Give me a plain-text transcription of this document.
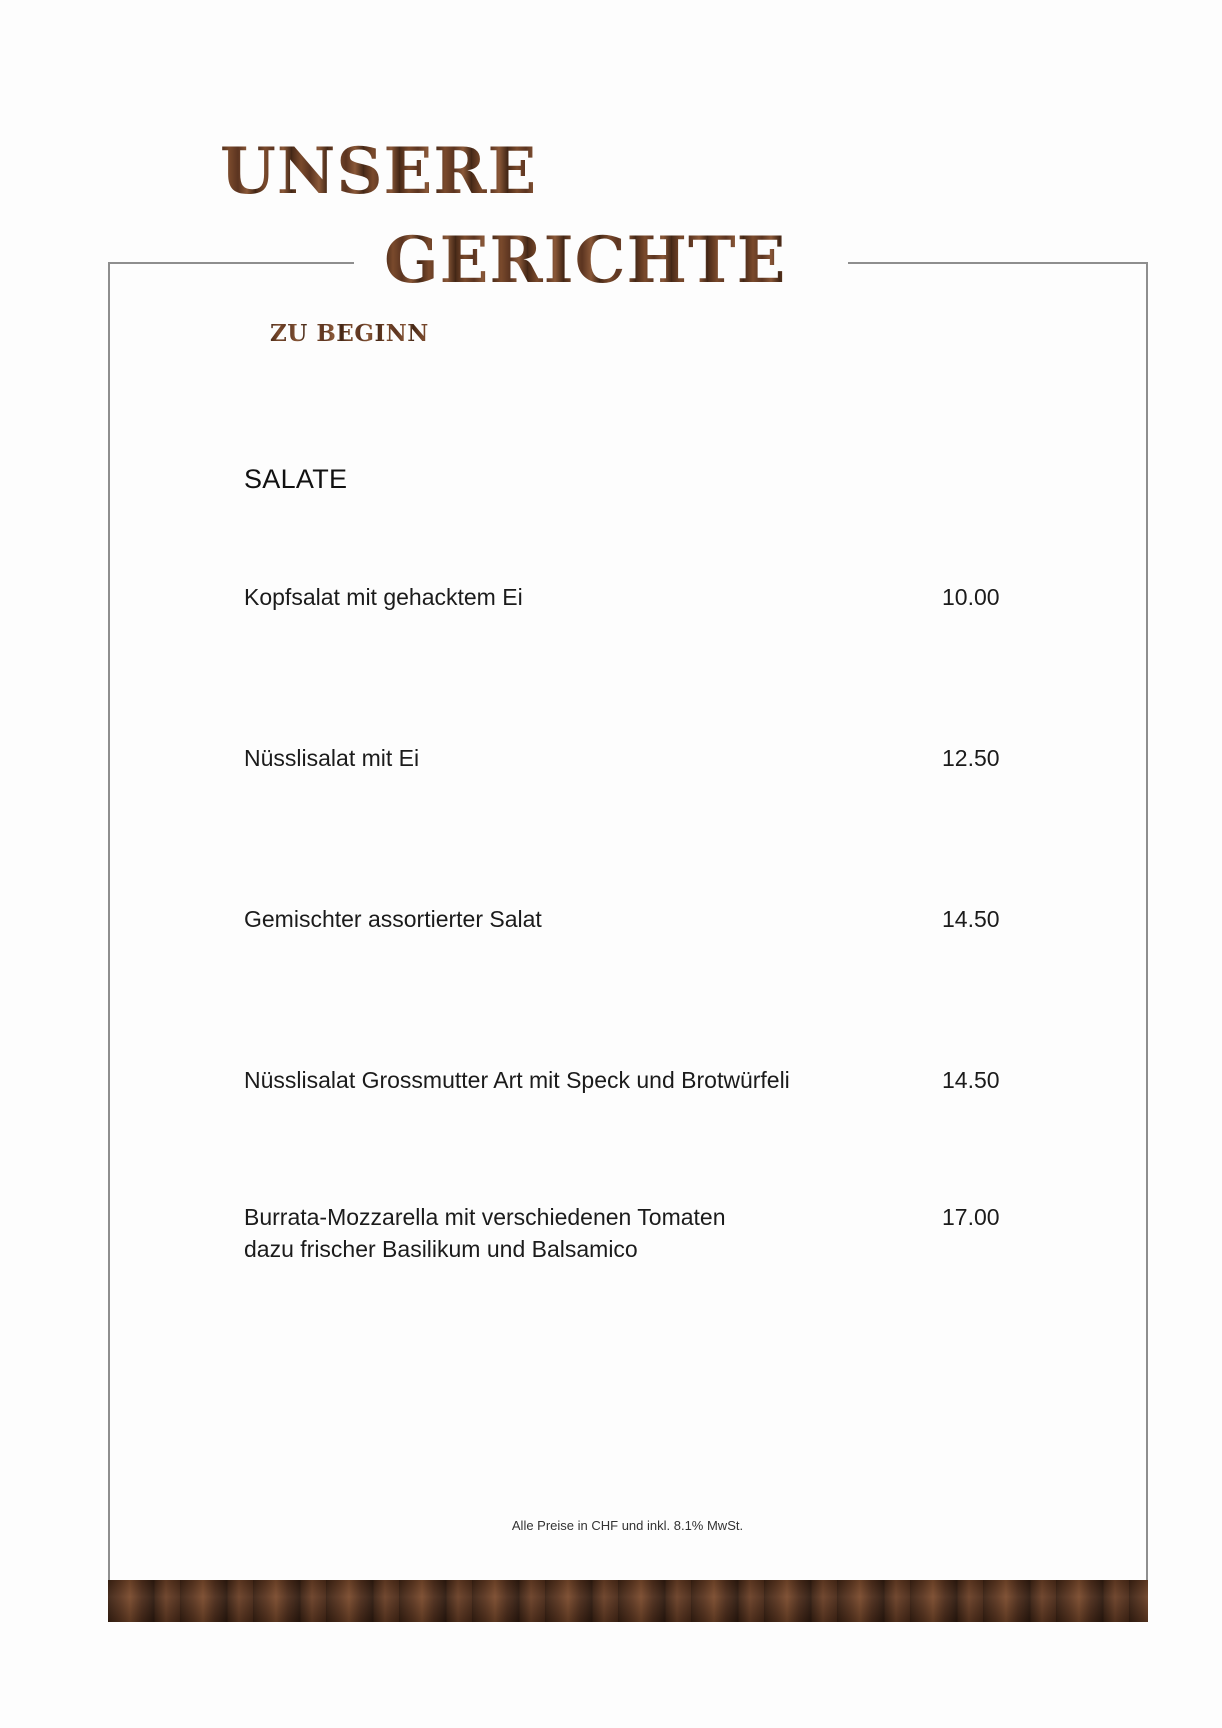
UNSERE
GERICHTE
ZU BEGINN
SALATE
Kopfsalat mit gehacktem Ei	10.00
Nüsslisalat mit Ei	12.50
Gemischter assortierter Salat	14.50
Nüsslisalat Grossmutter Art mit Speck und Brotwürfeli	14.50
Burrata-Mozzarella mit verschiedenen Tomaten
dazu frischer Basilikum und Balsamico
17.00
Alle Preise in CHF und inkl. 8.1% MwSt.
